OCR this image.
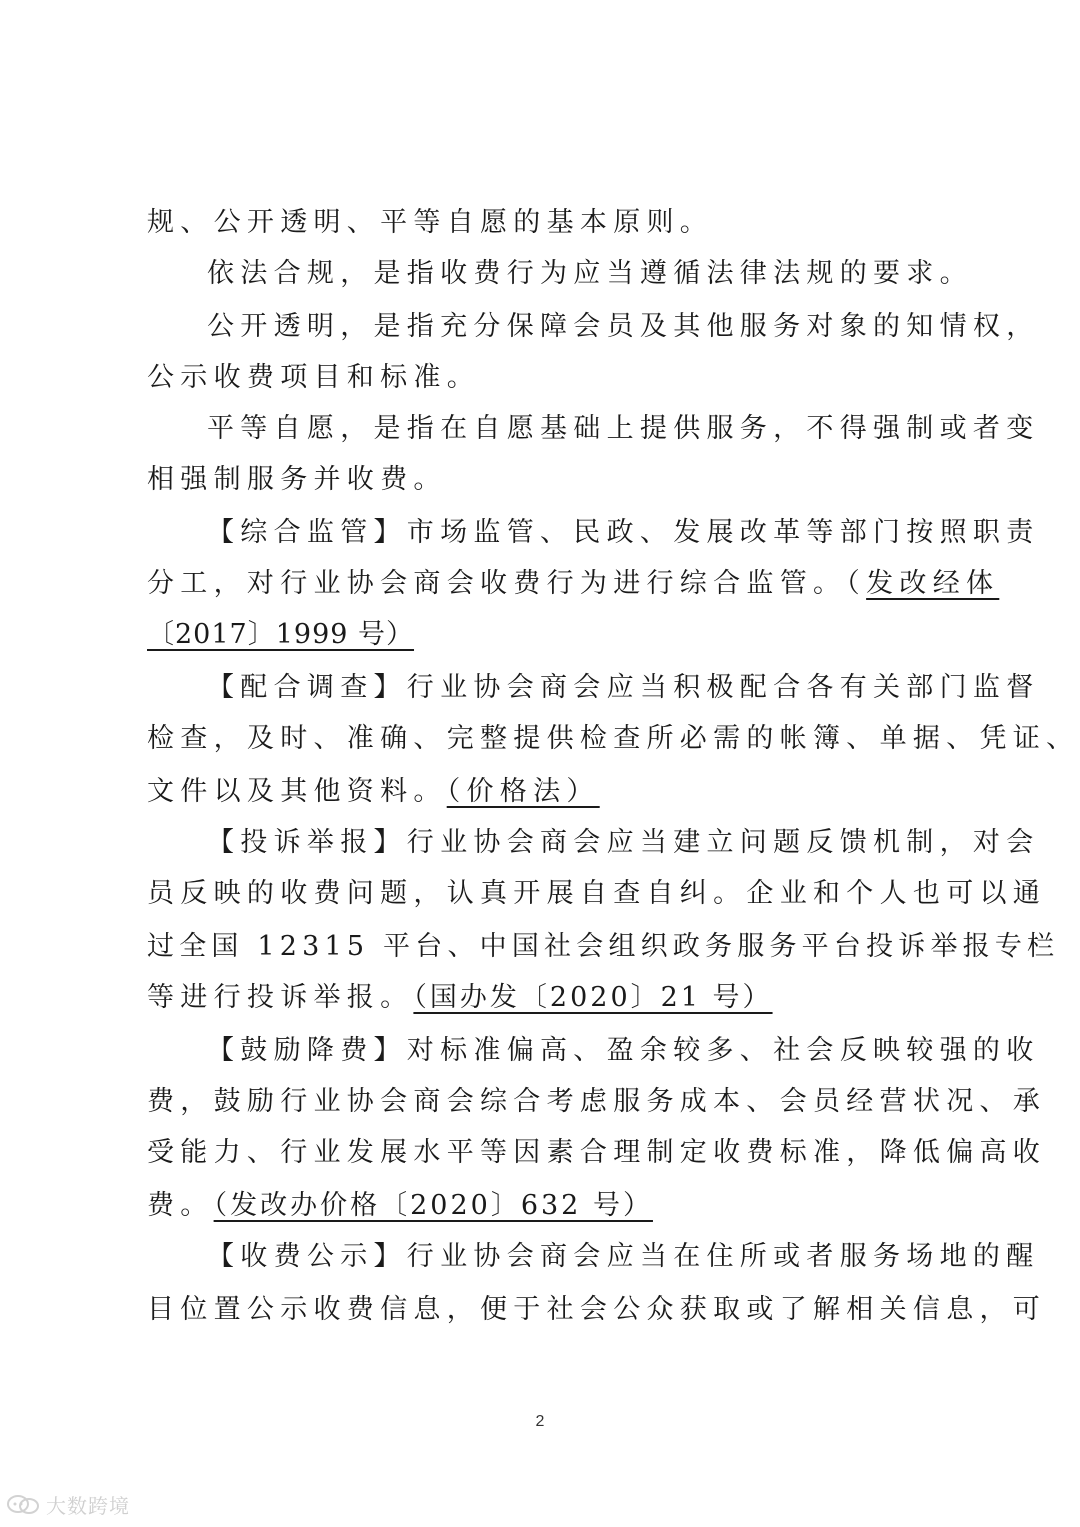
规、公开透明、平等自愿的基本原则。
依法合规，是指收费行为应当遵循法律法规的要求。
公开透明，是指充分保障会员及其他服务对象的知情权，
公示收费项目和标准。
平等自愿，是指在自愿基础上提供服务，不得强制或者变
相强制服务并收费。
【综合监管】市场监管、民政、发展改革等部门按照职责
分工，对行业协会商会收费行为进行综合监管。（发改经体
〔2017〕1999 号）
【配合调查】行业协会商会应当积极配合各有关部门监督
检查，及时、准确、完整提供检查所必需的帐簿、单据、凭证、
文件以及其他资料。（价格法）
【投诉举报】行业协会商会应当建立问题反馈机制，对会
员反映的收费问题，认真开展自查自纠。企业和个人也可以通
过全国 12315 平台、中国社会组织政务服务平台投诉举报专栏
等进行投诉举报。（国办发〔2020〕21 号）
【鼓励降费】对标准偏高、盈余较多、社会反映较强的收
费，鼓励行业协会商会综合考虑服务成本、会员经营状况、承
受能力、行业发展水平等因素合理制定收费标准，降低偏高收
费。（发改办价格〔2020〕632 号）
【收费公示】行业协会商会应当在住所或者服务场地的醒
目位置公示收费信息，便于社会公众获取或了解相关信息，可
2
大数跨境
